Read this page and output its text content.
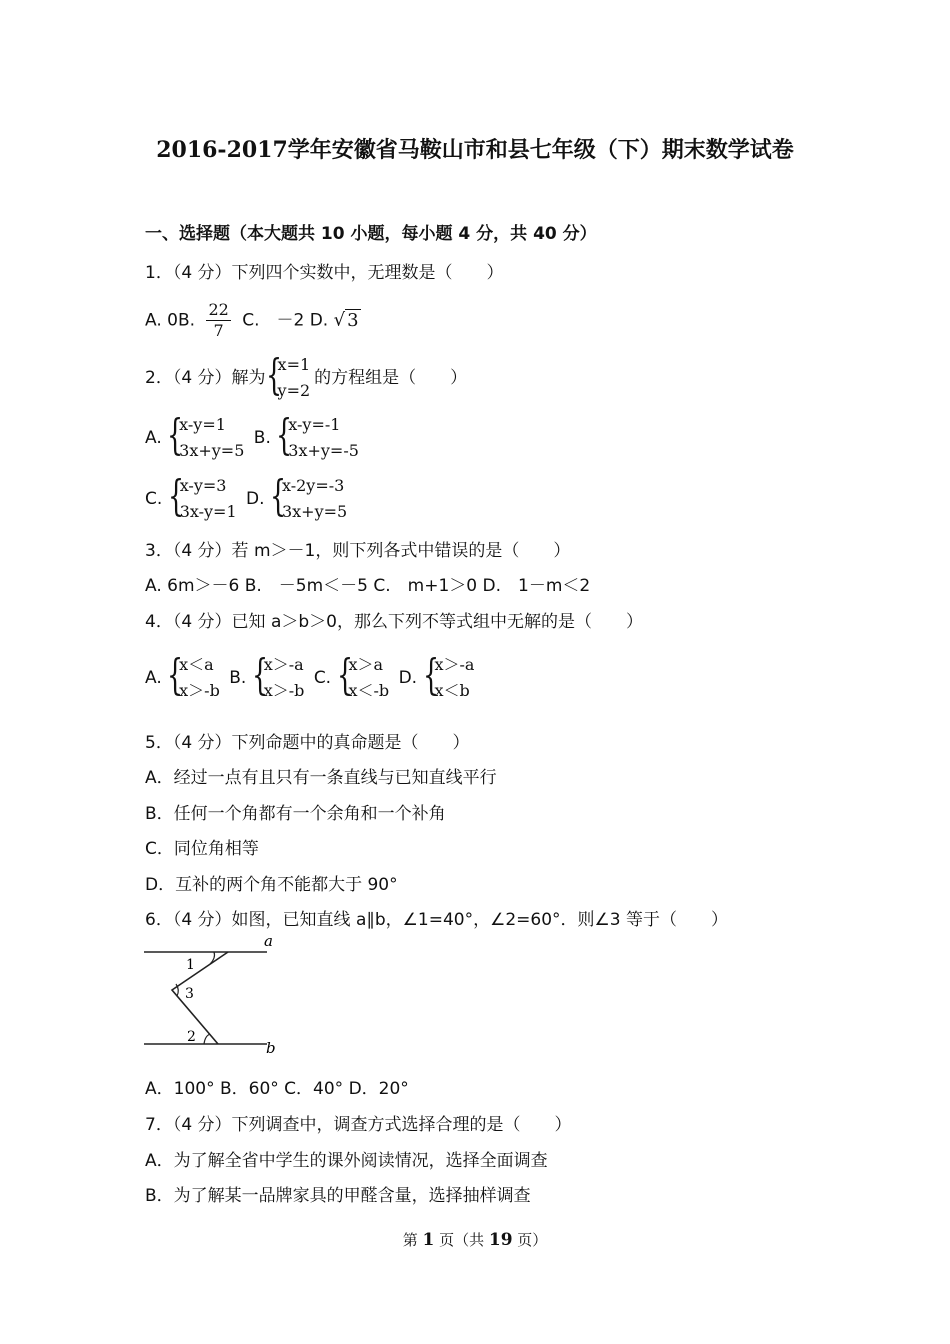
2016-2017学年安徽省马鞍山市和县七年级（下）期末数学试卷
一、选择题（本大题共 10 小题，每小题 4 分，共 40 分）
1．（4 分）下列四个实数中，无理数是（　　）
A. 0B. $\frac{22}{7} C$.　－2 D. √ 3
2．（4 分）解为 {
x=1
y=2
的方程组是（　　）
A. {
x-y=1
3x+y=5
B. {
x-y=-1
3x+y=-5
C. {
x-y=3
3x-y=1
D. {
x-2y=-3
3x+y=5
3．（4 分）若 m＞－1，则下列各式中错误的是（　　）
A. 6m＞－6 B.　－5m＜－5 C.　m+1＞0 D.　1－m＜2
4．（4 分）已知 a＞b＞0，那么下列不等式组中无解的是（　　）
A. {
x＜a
x＞-b
B. {
x＞-a
x＞-b
C. {
x＞a
x＜-b
D. {
x＞-a
x＜b
5．（4 分）下列命题中的真命题是（　　）
A．经过一点有且只有一条直线与已知直线平行
B．任何一个角都有一个余角和一个补角
C．同位角相等
D．互补的两个角不能都大于 90°
6．（4 分）如图，已知直线 a∥b，∠1=40°，∠2=60°．则∠3 等于（　　）
a
b
1
3
2
A．100° B．60° C．40° D．20°
7．（4 分）下列调查中，调查方式选择合理的是（　　）
A．为了解全省中学生的课外阅读情况，选择全面调查
B．为了解某一品牌家具的甲醛含量，选择抽样调查
第 1 页（共 19 页）
